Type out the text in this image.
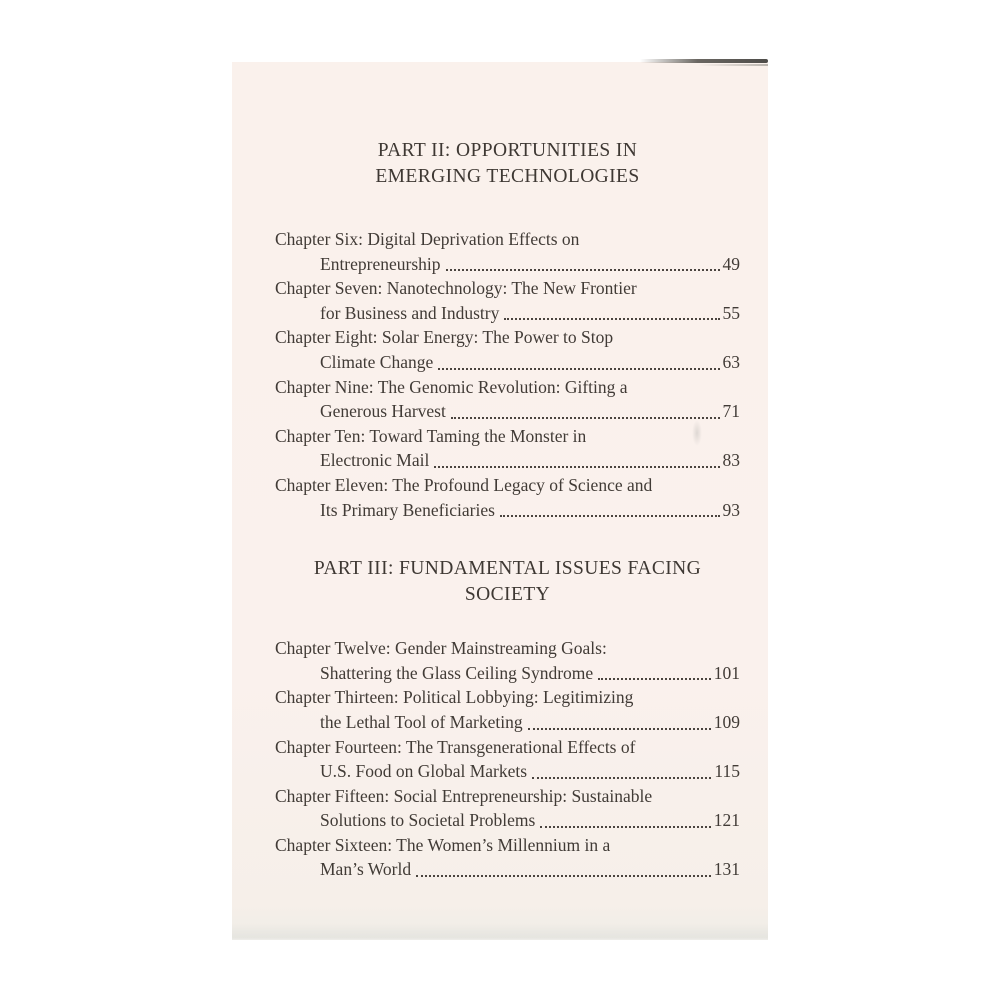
PART II: OPPORTUNITIES IN
EMERGING TECHNOLOGIES
Chapter Six: Digital Deprivation Effects on
Entrepreneurship	49
Chapter Seven: Nanotechnology: The New Frontier
for Business and Industry	55
Chapter Eight: Solar Energy: The Power to Stop
Climate Change	63
Chapter Nine: The Genomic Revolution: Gifting a
Generous Harvest	71
Chapter Ten: Toward Taming the Monster in
Electronic Mail	83
Chapter Eleven: The Profound Legacy of Science and
Its Primary Beneficiaries	93
PART III: FUNDAMENTAL ISSUES FACING SOCIETY
Chapter Twelve: Gender Mainstreaming Goals:
Shattering the Glass Ceiling Syndrome	101
Chapter Thirteen: Political Lobbying: Legitimizing
the Lethal Tool of Marketing	109
Chapter Fourteen: The Transgenerational Effects of
U.S. Food on Global Markets	115
Chapter Fifteen: Social Entrepreneurship: Sustainable
Solutions to Societal Problems	121
Chapter Sixteen: The Women’s Millennium in a
Man’s World	131
